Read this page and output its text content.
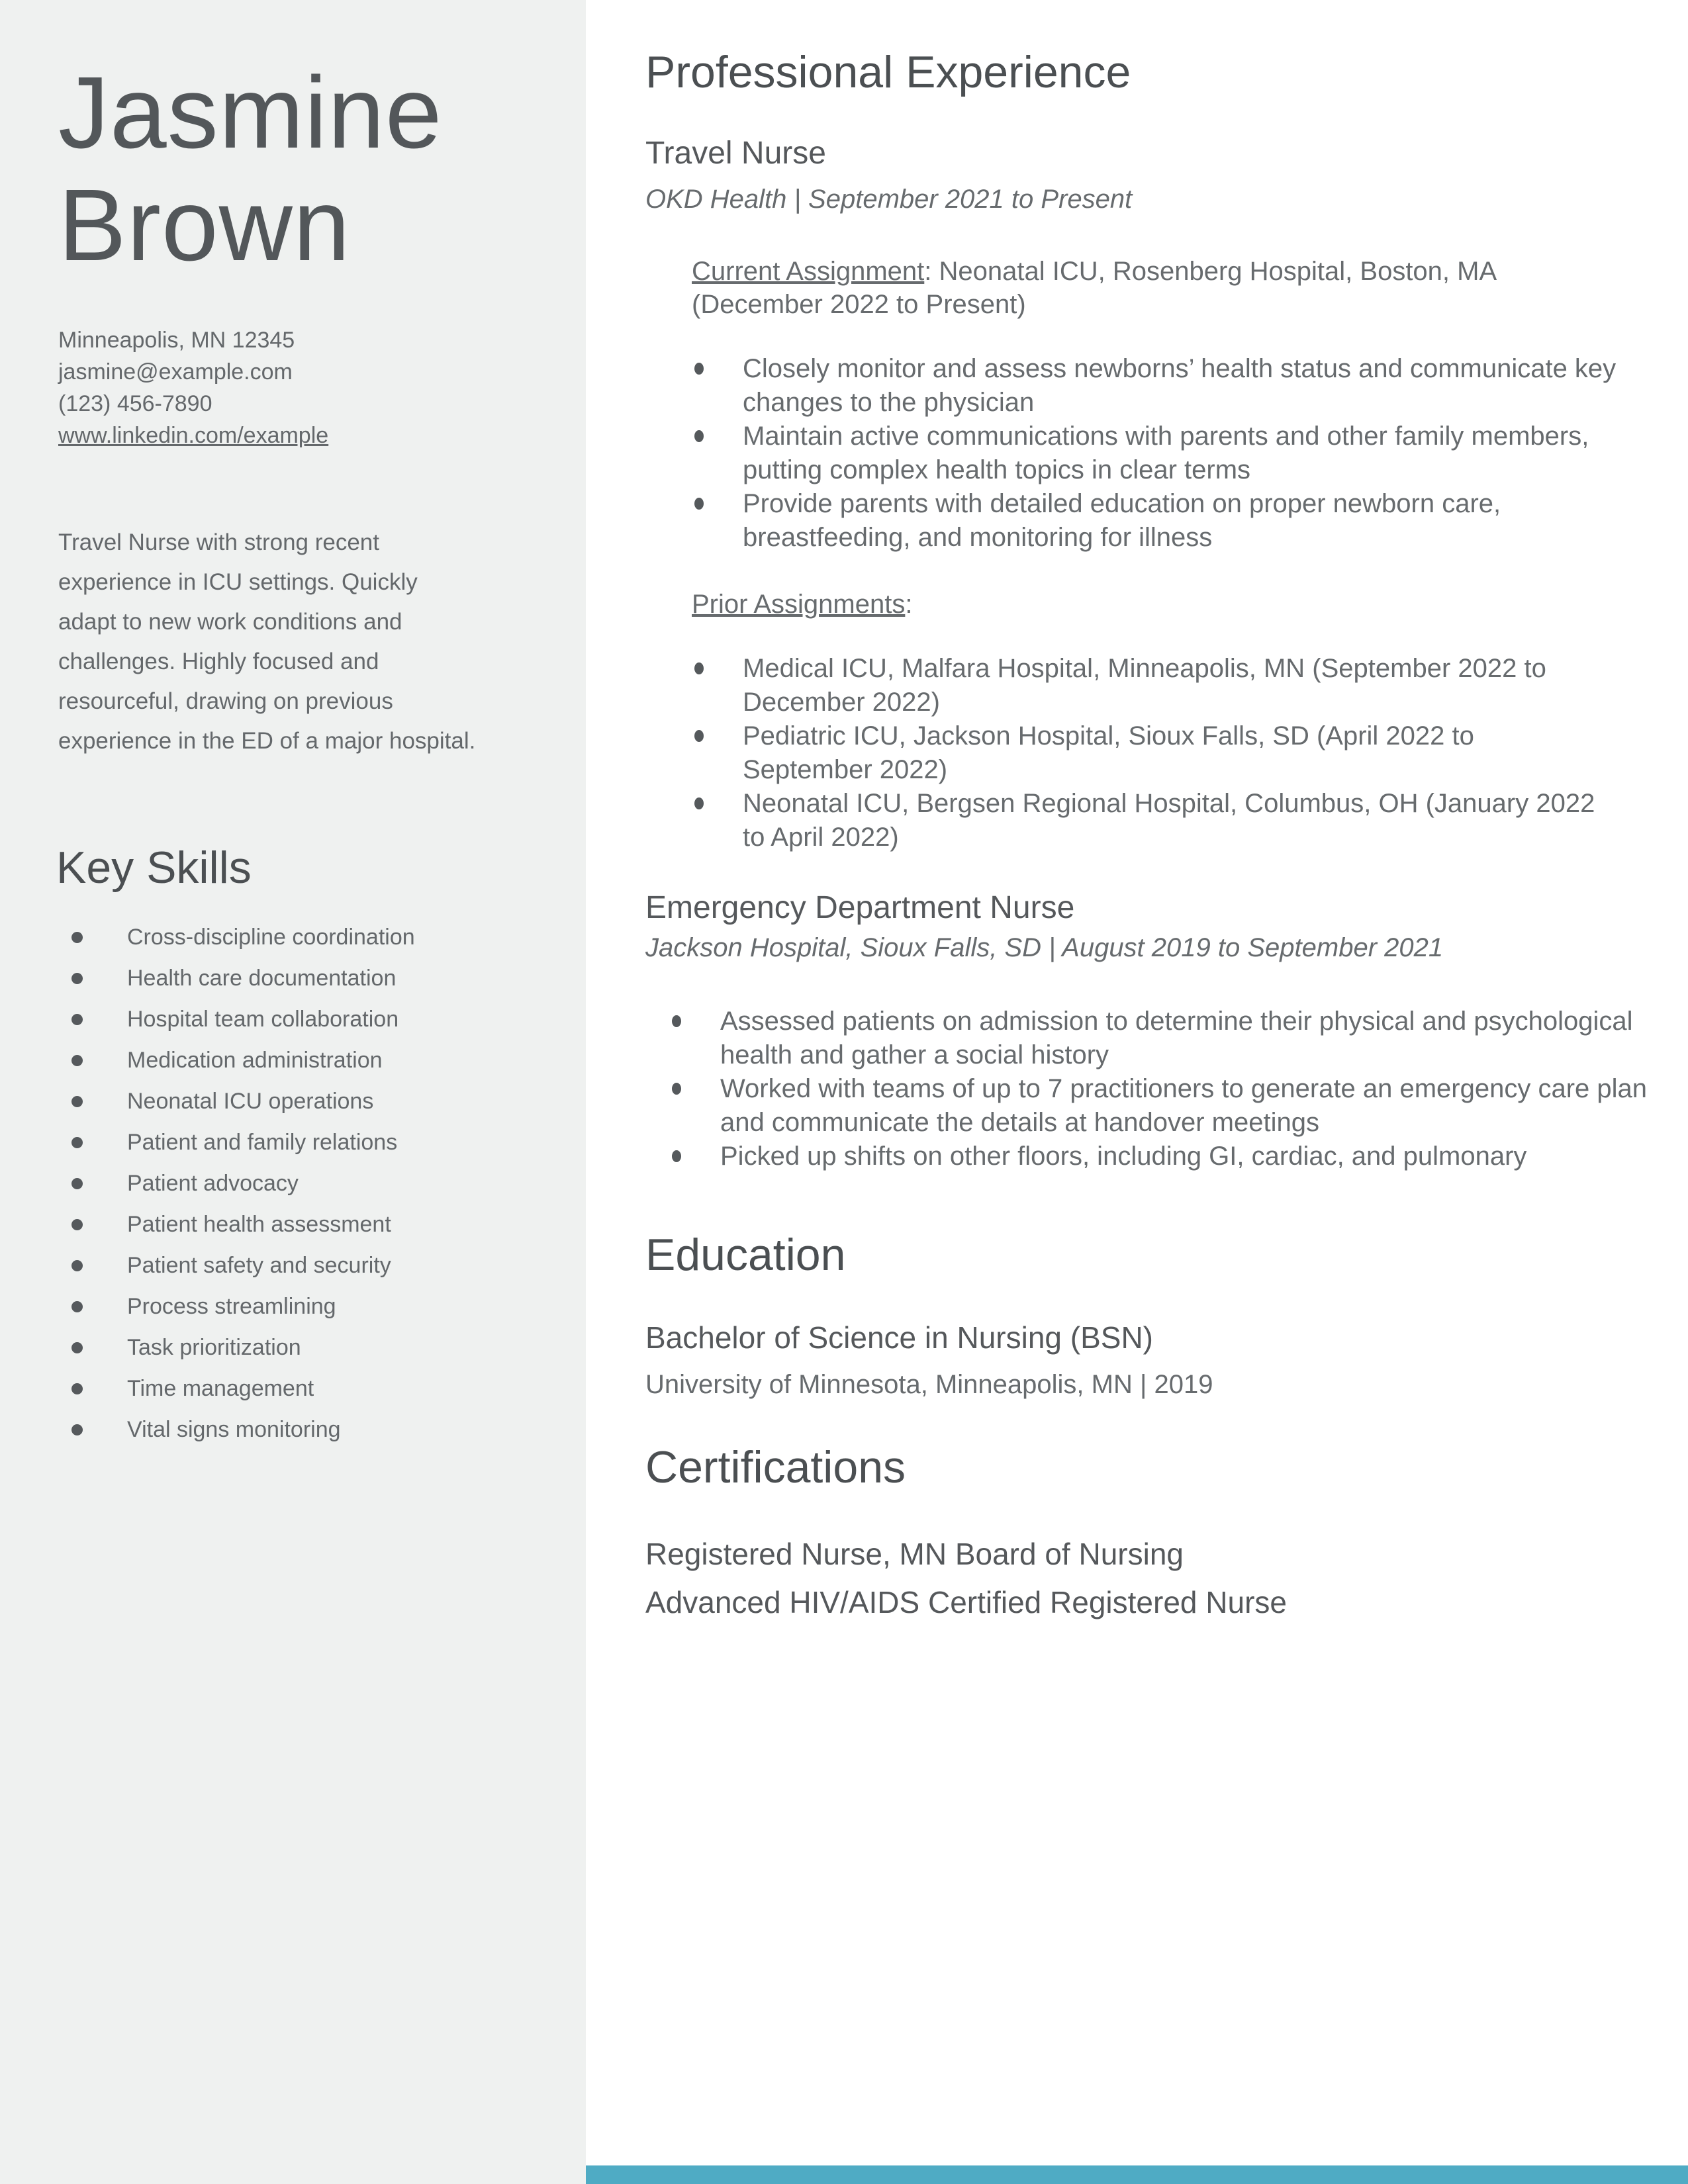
Jasmine
Brown
Minneapolis, MN 12345
jasmine@example.com
(123) 456-7890
www.linkedin.com/example
Travel Nurse with strong recent experience in ICU settings. Quickly adapt to new work conditions and challenges. Highly focused and resourceful, drawing on previous experience in the ED of a major hospital.
Key Skills
Cross-discipline coordination
Health care documentation
Hospital team collaboration
Medication administration
Neonatal ICU operations
Patient and family relations
Patient advocacy
Patient health assessment
Patient safety and security
Process streamlining
Task prioritization
Time management
Vital signs monitoring
Professional Experience
Travel Nurse
OKD Health | September 2021 to Present
Current Assignment: Neonatal ICU, Rosenberg Hospital, Boston, MA (December 2022 to Present)
Closely monitor and assess newborns’ health status and communicate key changes to the physician
Maintain active communications with parents and other family members, putting complex health topics in clear terms
Provide parents with detailed education on proper newborn care, breastfeeding, and monitoring for illness
Prior Assignments:
Medical ICU, Malfara Hospital, Minneapolis, MN (September 2022 to December 2022)
Pediatric ICU, Jackson Hospital, Sioux Falls, SD (April 2022 to September 2022)
Neonatal ICU, Bergsen Regional Hospital, Columbus, OH (January 2022 to April 2022)
Emergency Department Nurse
Jackson Hospital, Sioux Falls, SD | August 2019 to September 2021
Assessed patients on admission to determine their physical and psychological health and gather a social history
Worked with teams of up to 7 practitioners to generate an emergency care plan and communicate the details at handover meetings
Picked up shifts on other floors, including GI, cardiac, and pulmonary
Education
Bachelor of Science in Nursing (BSN)
University of Minnesota, Minneapolis, MN | 2019
Certifications
Registered Nurse, MN Board of Nursing
Advanced HIV/AIDS Certified Registered Nurse
